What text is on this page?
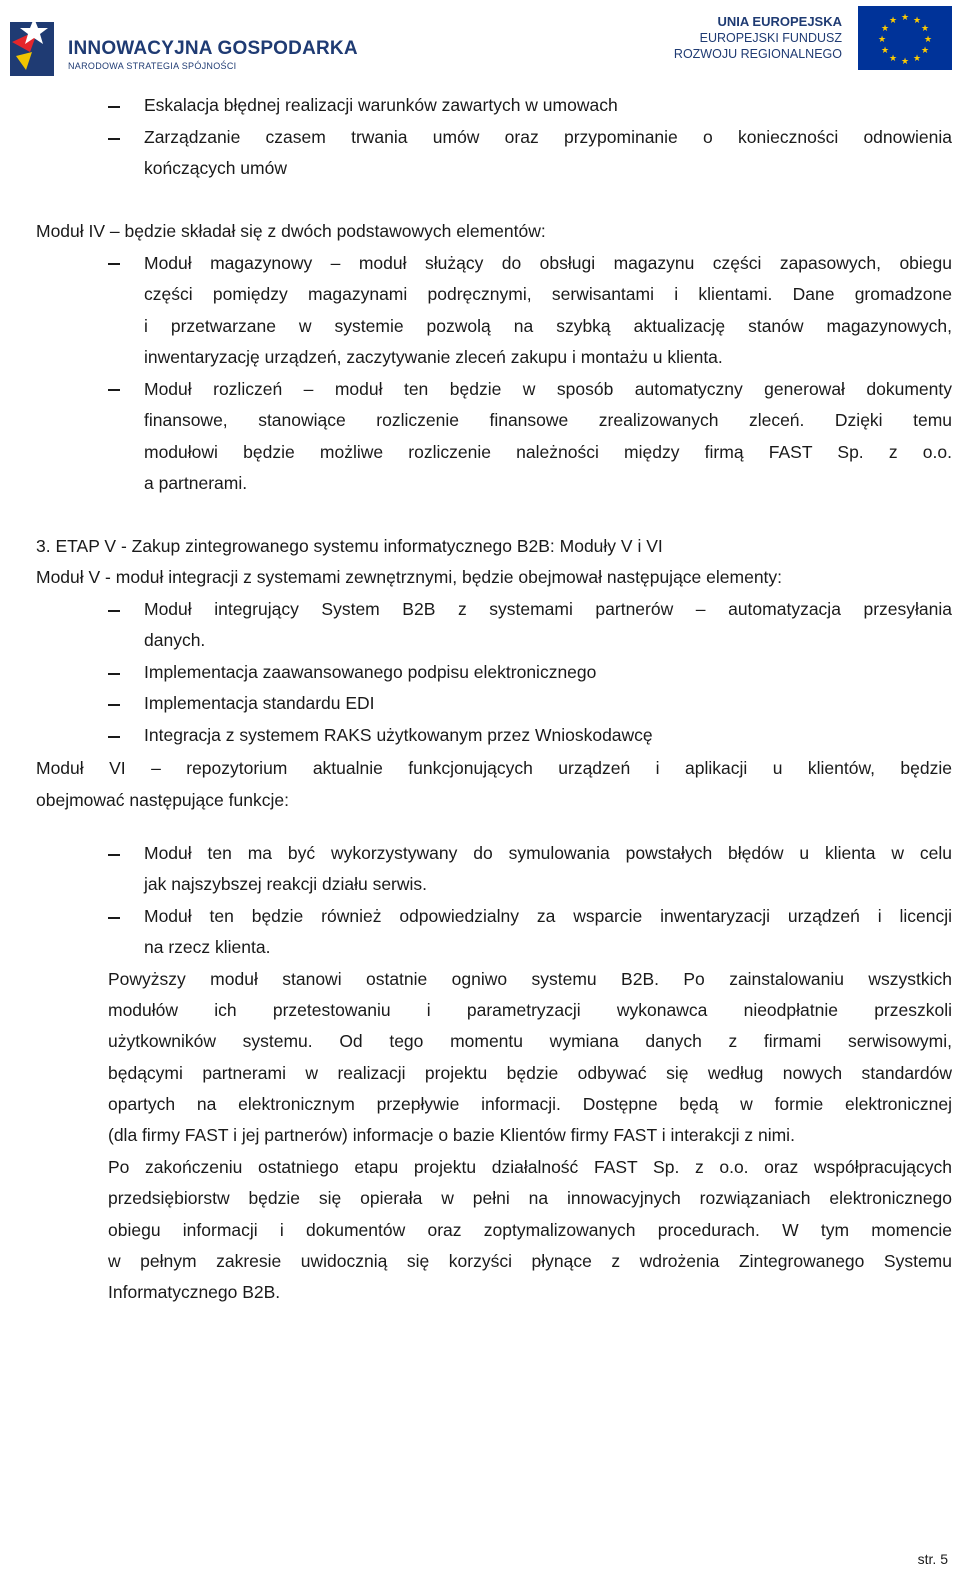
INNOWACYJNA GOSPODARKA
NARODOWA STRATEGIA SPÓJNOŚCI
UNIA EUROPEJSKA
EUROPEJSKI FUNDUSZ
ROZWOJU REGIONALNEGO
★ ★
★
★
★
★
★
★
★
★
★
★
Eskalacja błędnej realizacji warunków zawartych w umowach
Zarządzanie czasem trwania umów oraz przypominanie o konieczności odnowienia
kończących umów
Moduł IV – będzie składał się z dwóch podstawowych elementów:
Moduł magazynowy – moduł służący do obsługi magazynu części zapasowych, obiegu
części pomiędzy magazynami podręcznymi, serwisantami i klientami. Dane gromadzone
i przetwarzane w systemie pozwolą na szybką aktualizację stanów magazynowych,
inwentaryzację urządzeń, zaczytywanie zleceń zakupu i montażu u klienta.
Moduł rozliczeń – moduł ten będzie w sposób automatyczny generował dokumenty
finansowe, stanowiące rozliczenie finansowe zrealizowanych zleceń. Dzięki temu
modułowi będzie możliwe rozliczenie należności między firmą FAST Sp. z o.o.
a partnerami.
3. ETAP V - Zakup zintegrowanego systemu informatycznego B2B: Moduły V i VI
Moduł V - moduł integracji z systemami zewnętrznymi, będzie obejmował następujące elementy:
Moduł integrujący System B2B z systemami partnerów – automatyzacja przesyłania
danych.
Implementacja zaawansowanego podpisu elektronicznego
Implementacja standardu EDI
Integracja z systemem RAKS użytkowanym przez Wnioskodawcę
Moduł VI – repozytorium aktualnie funkcjonujących urządzeń i aplikacji u klientów, będzie
obejmować następujące funkcje:
Moduł ten ma być wykorzystywany do symulowania powstałych błędów u klienta w celu
jak najszybszej reakcji działu serwis.
Moduł ten będzie również odpowiedzialny za wsparcie inwentaryzacji urządzeń i licencji
na rzecz klienta.
Powyższy moduł stanowi ostatnie ogniwo systemu B2B. Po zainstalowaniu wszystkich
modułów ich przetestowaniu i parametryzacji wykonawca nieodpłatnie przeszkoli
użytkowników systemu. Od tego momentu wymiana danych z firmami serwisowymi,
będącymi partnerami w realizacji projektu będzie odbywać się według nowych standardów
opartych na elektronicznym przepływie informacji. Dostępne będą w formie elektronicznej
(dla firmy FAST i jej partnerów) informacje o bazie Klientów firmy FAST i interakcji z nimi.
Po zakończeniu ostatniego etapu projektu działalność FAST Sp. z o.o. oraz współpracujących
przedsiębiorstw będzie się opierała w pełni na innowacyjnych rozwiązaniach elektronicznego
obiegu informacji i dokumentów oraz zoptymalizowanych procedurach. W tym momencie
w pełnym zakresie uwidocznią się korzyści płynące z wdrożenia Zintegrowanego Systemu
Informatycznego B2B.
str. 5
